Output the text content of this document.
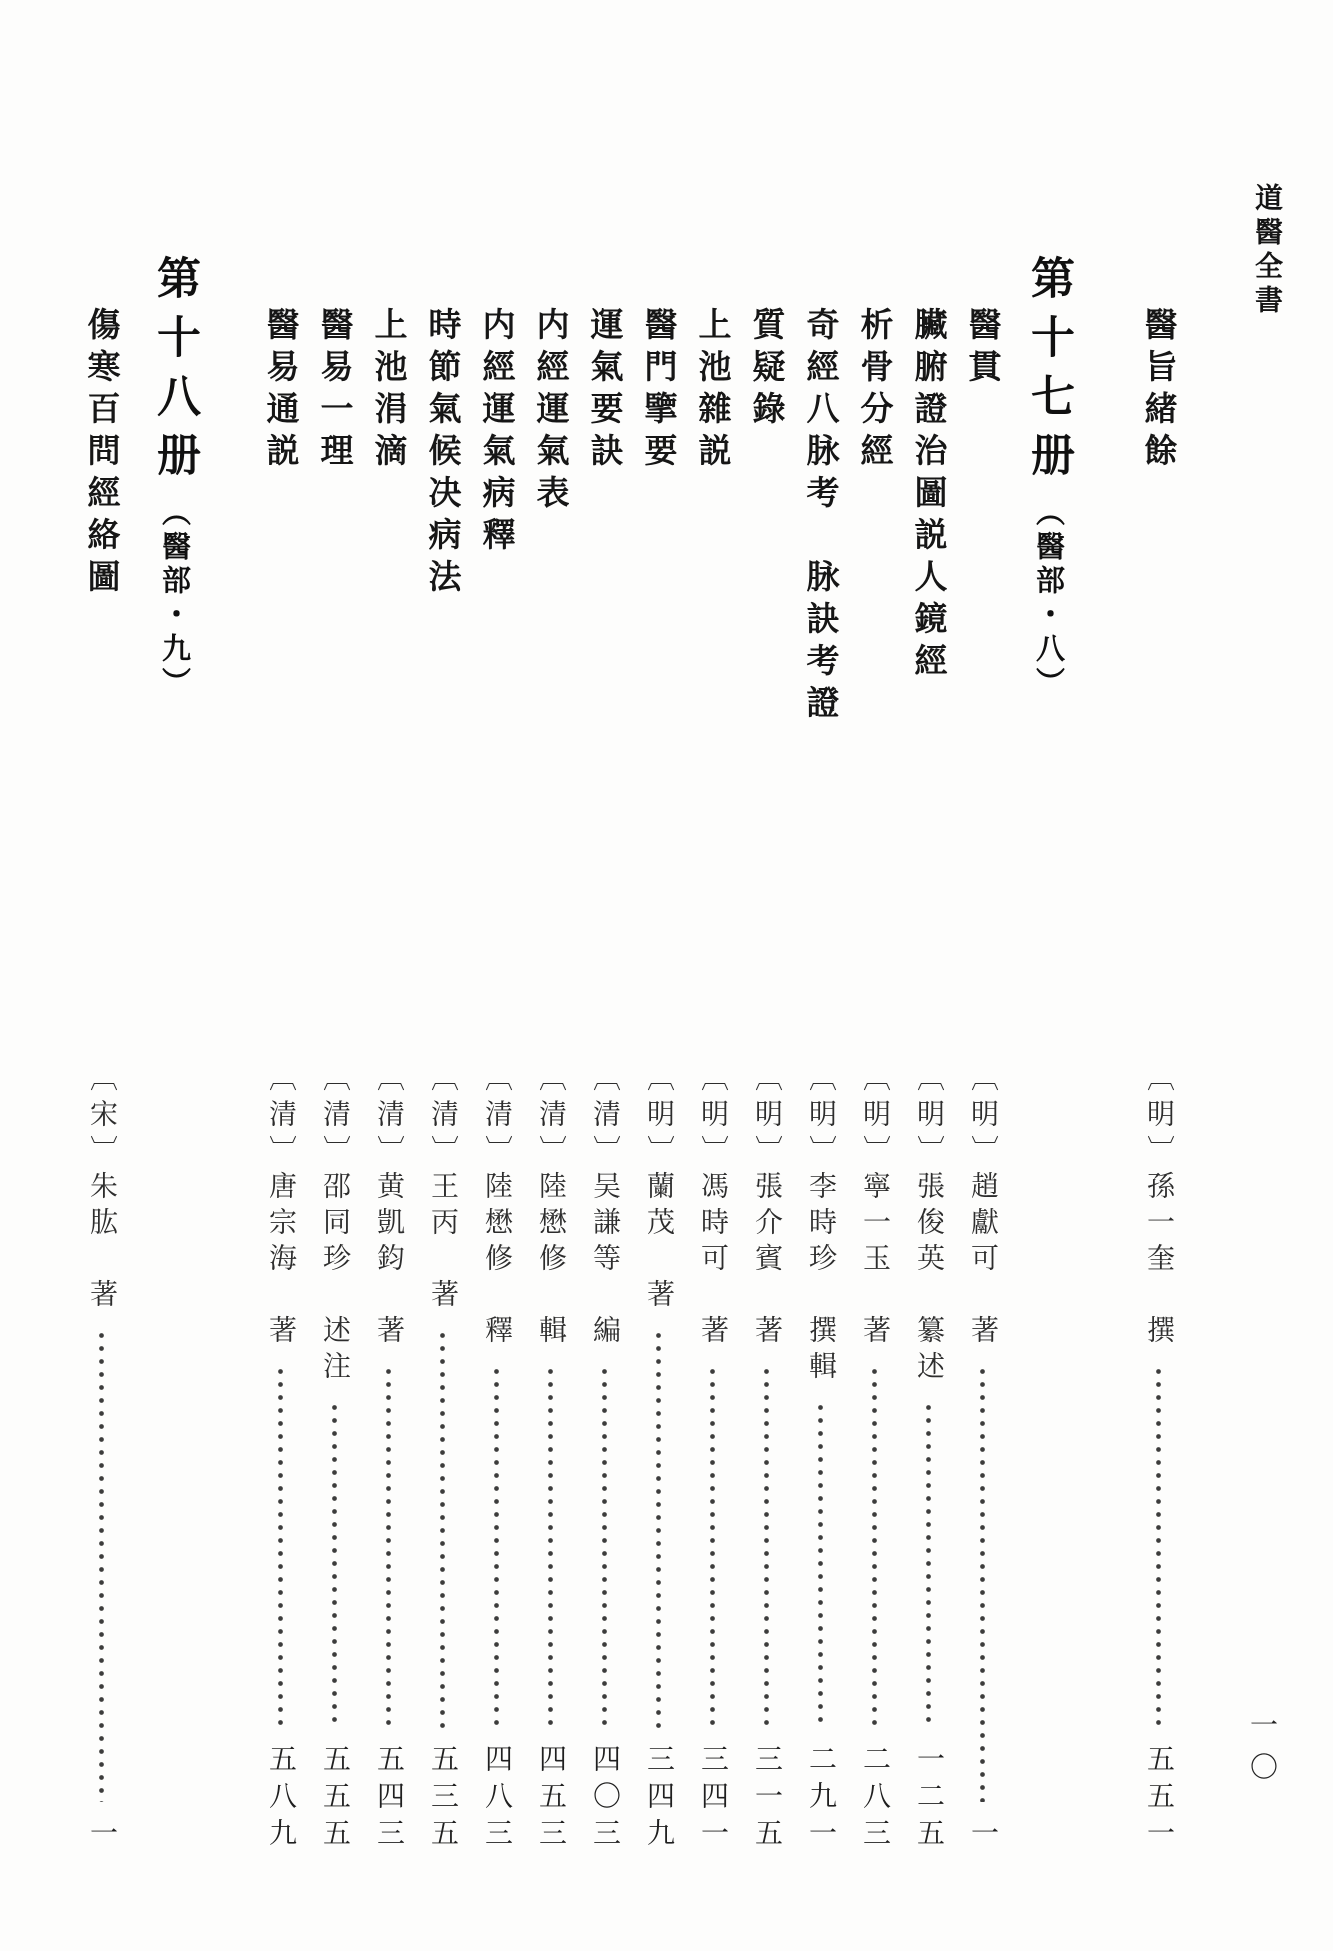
道醫全書
一〇
醫旨緒餘
〔明〕孫一奎　撰
五五一
第十七册（醫部・八）
醫貫
〔明〕趙獻可　著
一
臟腑證治圖説人鏡經
〔明〕張俊英　纂述
一二五
析骨分經
〔明〕寧一玉　著
二八三
奇經八脉考　脉訣考證
〔明〕李時珍　撰輯
二九一
質疑錄
〔明〕張介賓　著
三一五
上池雜説
〔明〕馮時可　著
三四一
醫門擥要
〔明〕蘭茂　著
三四九
運氣要訣
〔清〕吴謙等　編
四〇三
内經運氣表
〔清〕陸懋修　輯
四五三
内經運氣病釋
〔清〕陸懋修　釋
四八三
時節氣候决病法
〔清〕王丙　著
五三五
上池涓滴
〔清〕黄凱鈞　著
五四三
醫易一理
〔清〕邵同珍　述注
五五五
醫易通説
〔清〕唐宗海　著
五八九
第十八册（醫部・九）
傷寒百問經絡圖
〔宋〕朱肱　著
一
